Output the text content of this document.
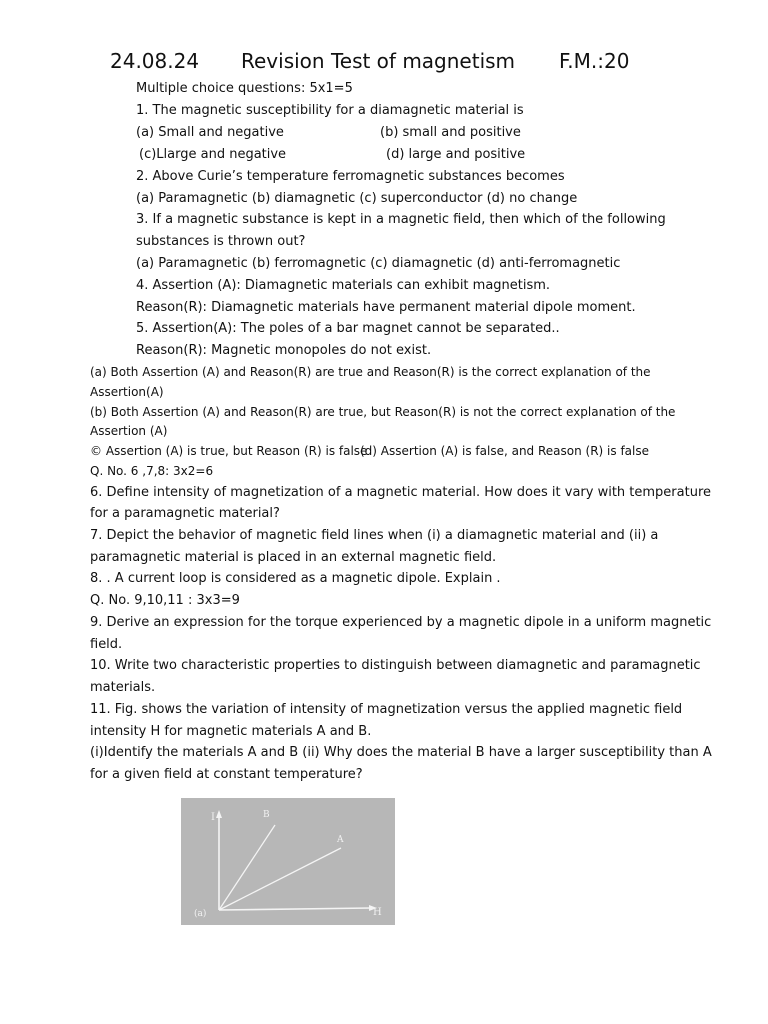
24.08.24 Revision Test of magnetism F.M.:20
Multiple choice questions: 5x1=5
1. The magnetic susceptibility for a diamagnetic material is
(a) Small and negative	(b) small and positive
(c)Llarge and negative	(d) large and positive
2. Above Curie’s temperature ferromagnetic substances becomes
(a) Paramagnetic (b) diamagnetic (c) superconductor (d) no change
3. If a magnetic substance is kept in a magnetic field, then which of the following
substances is thrown out?
(a) Paramagnetic (b) ferromagnetic (c) diamagnetic (d) anti-ferromagnetic
4. Assertion (A): Diamagnetic materials can exhibit magnetism.
Reason(R): Diamagnetic materials have permanent material dipole moment.
5. Assertion(A): The poles of a bar magnet cannot be separated..
Reason(R): Magnetic monopoles do not exist.
(a) Both Assertion (A) and Reason(R) are true and Reason(R) is the correct explanation of the
Assertion(A)
(b) Both Assertion (A) and Reason(R) are true, but Reason(R) is not the correct explanation of the
Assertion (A)
© Assertion (A) is true, but Reason (R) is false
(d) Assertion (A) is false, and Reason (R) is false
Q. No. 6 ,7,8: 3x2=6
6. Define intensity of magnetization of a magnetic material. How does it vary with temperature
for a paramagnetic material?
7. Depict the behavior of magnetic field lines when (i) a diamagnetic material and (ii) a
paramagnetic material is placed in an external magnetic field.
8. . A current loop is considered as a magnetic dipole. Explain .
Q. No. 9,10,11 : 3x3=9
9. Derive an expression for the torque experienced by a magnetic dipole in a uniform magnetic
field.
10. Write two characteristic properties to distinguish between diamagnetic and paramagnetic
materials.
11. Fig. shows the variation of intensity of magnetization versus the applied magnetic field
intensity H for magnetic materials A and B.
(i)Identify the materials A and B (ii) Why does the material B have a larger susceptibility than A
for a given field at constant temperature?
I	B
A
H
(a)
